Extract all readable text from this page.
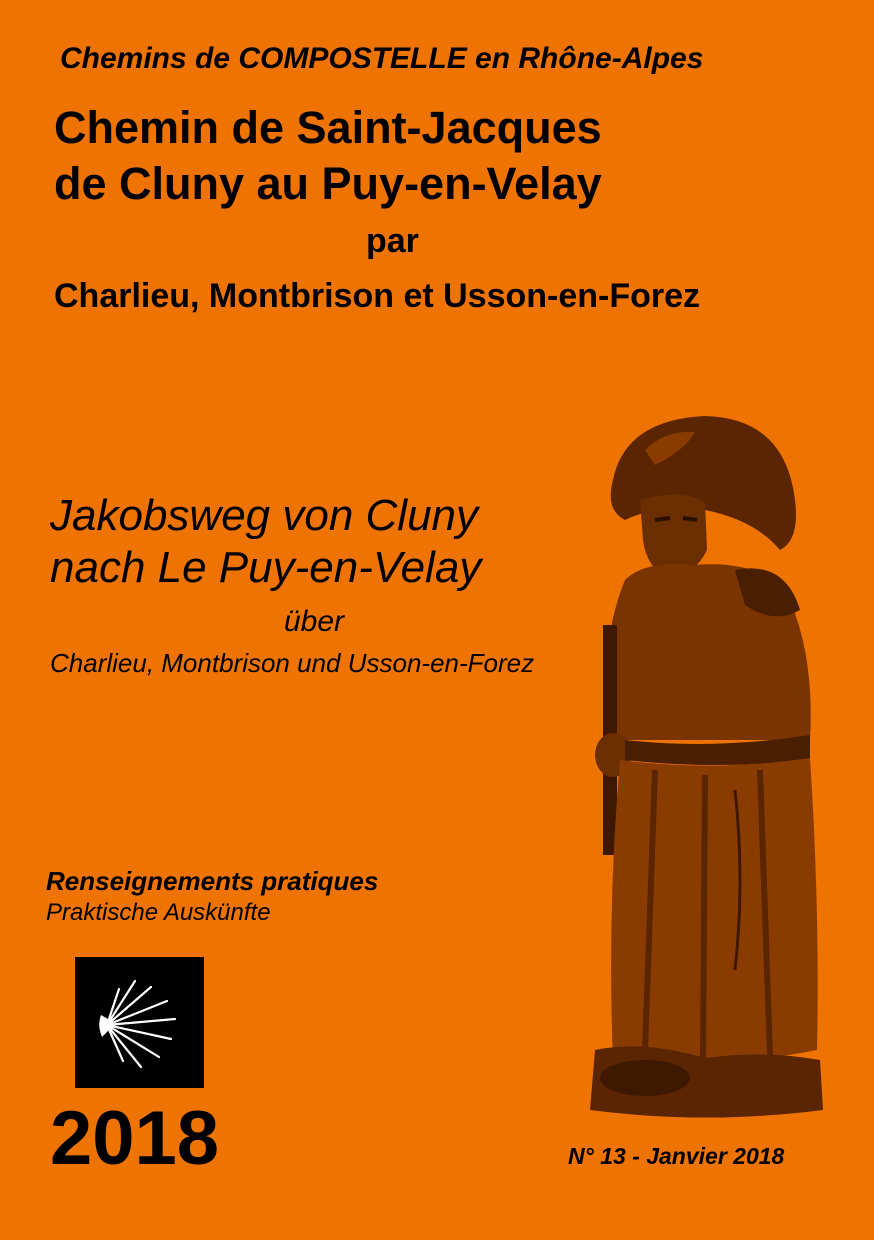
Chemins de COMPOSTELLE en Rhône-Alpes
Chemin de Saint-Jacques
de Cluny au Puy-en-Velay
par
Charlieu, Montbrison et Usson-en-Forez
Jakobsweg von Cluny
nach Le Puy-en-Velay
über
Charlieu, Montbrison und Usson-en-Forez
Renseignements pratiques
Praktische Auskünfte
2018	N° 13 - Janvier 2018
